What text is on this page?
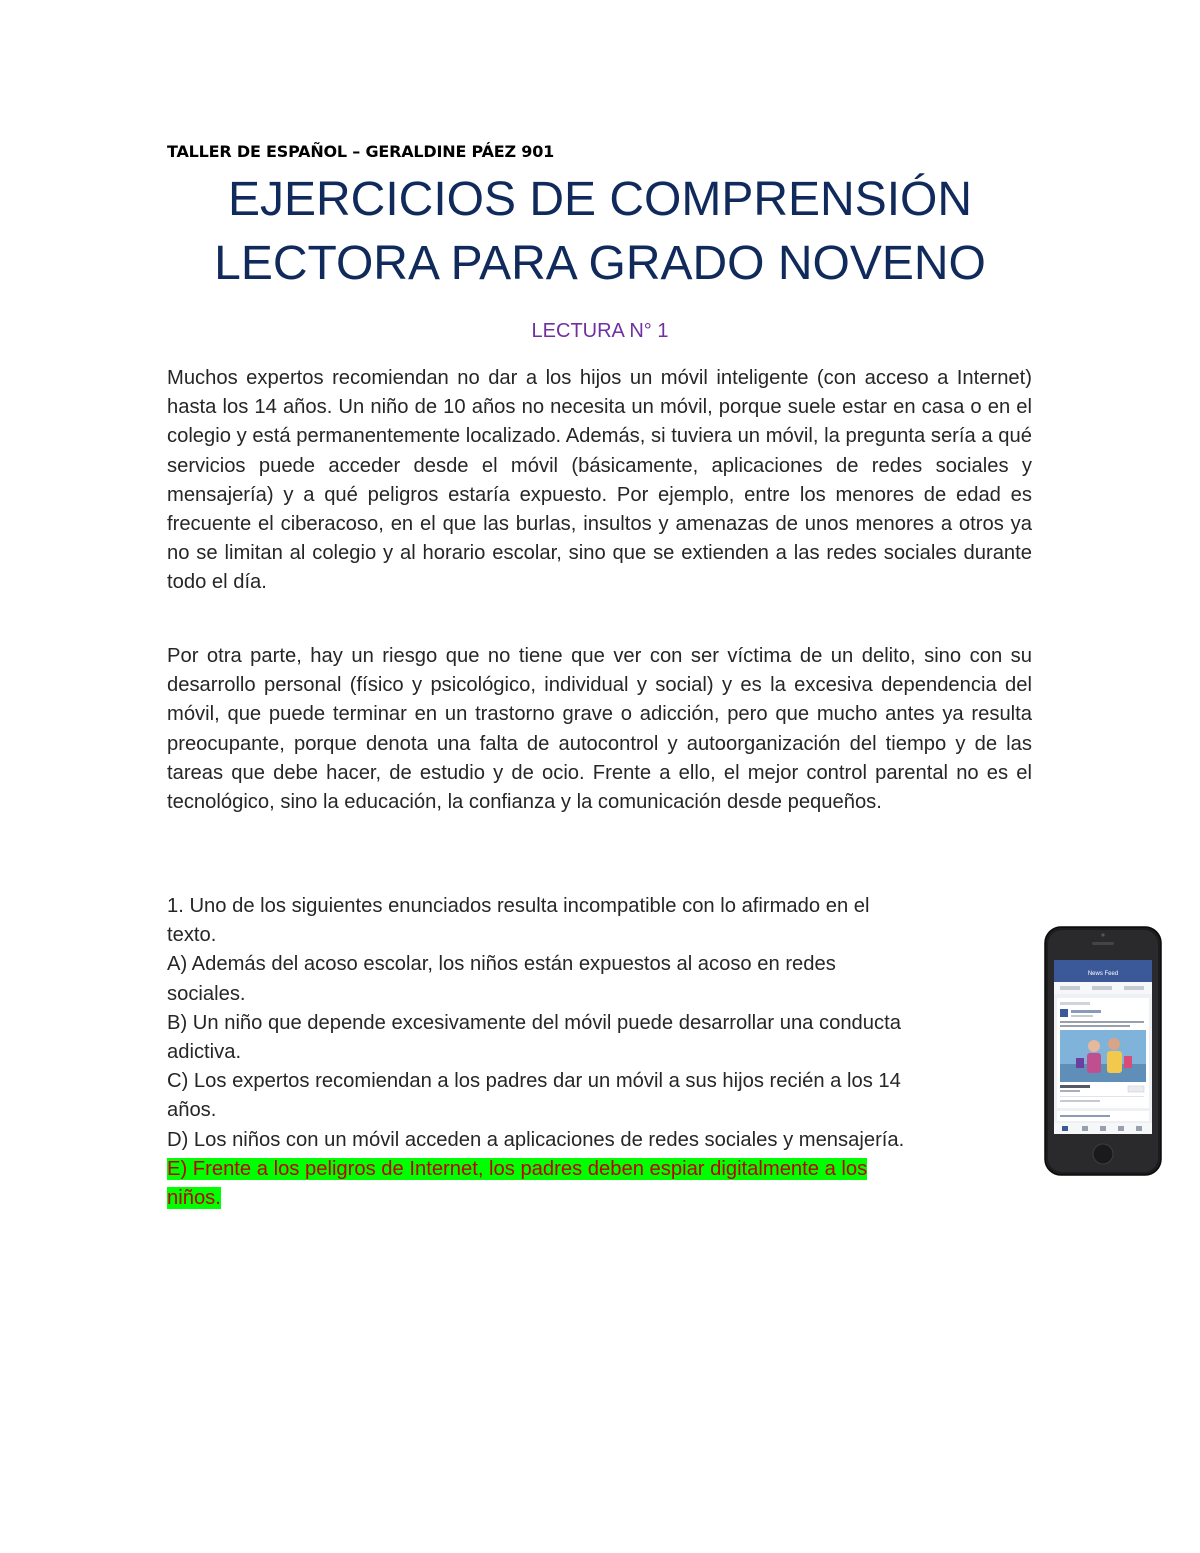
TALLER DE ESPAÑOL – GERALDINE PÁEZ 901
EJERCICIOS DE COMPRENSIÓN
LECTORA PARA GRADO NOVENO
LECTURA N° 1

Muchos expertos recomiendan no dar a los hijos un móvil inteligente (con acceso a Internet) hasta los 14 años. Un niño de 10 años no necesita un móvil, porque suele estar en casa o en el colegio y está permanentemente localizado. Además, si tuviera un móvil, la pregunta sería a qué servicios puede acceder desde el móvil (básicamente, aplicaciones de redes sociales y mensajería) y a qué peligros estaría expuesto. Por ejemplo, entre los menores de edad es frecuente el ciberacoso, en el que las burlas, insultos y amenazas de unos menores a otros ya no se limitan al colegio y al horario escolar, sino que se extienden a las redes sociales durante todo el día.

Por otra parte, hay un riesgo que no tiene que ver con ser víctima de un delito, sino con su desarrollo personal (físico y psicológico, individual y social) y es la excesiva dependencia del móvil, que puede terminar en un trastorno grave o adicción, pero que mucho antes ya resulta preocupante, porque denota una falta de autocontrol y autoorganización del tiempo y de las tareas que debe hacer, de estudio y de ocio. Frente a ello, el mejor control parental no es el tecnológico, sino la educación, la confianza y la comunicación desde pequeños.

1. Uno de los siguientes enunciados resulta incompatible con lo afirmado en el
texto.
A) Además del acoso escolar, los niños están expuestos al acoso en redes
sociales.
B) Un niño que depende excesivamente del móvil puede desarrollar una conducta
adictiva.
C) Los expertos recomiendan a los padres dar un móvil a sus hijos recién a los 14
años.
D) Los niños con un móvil acceden a aplicaciones de redes sociales y mensajería.
E) Frente a los peligros de Internet, los padres deben espiar digitalmente a los
niños.
News Feed
